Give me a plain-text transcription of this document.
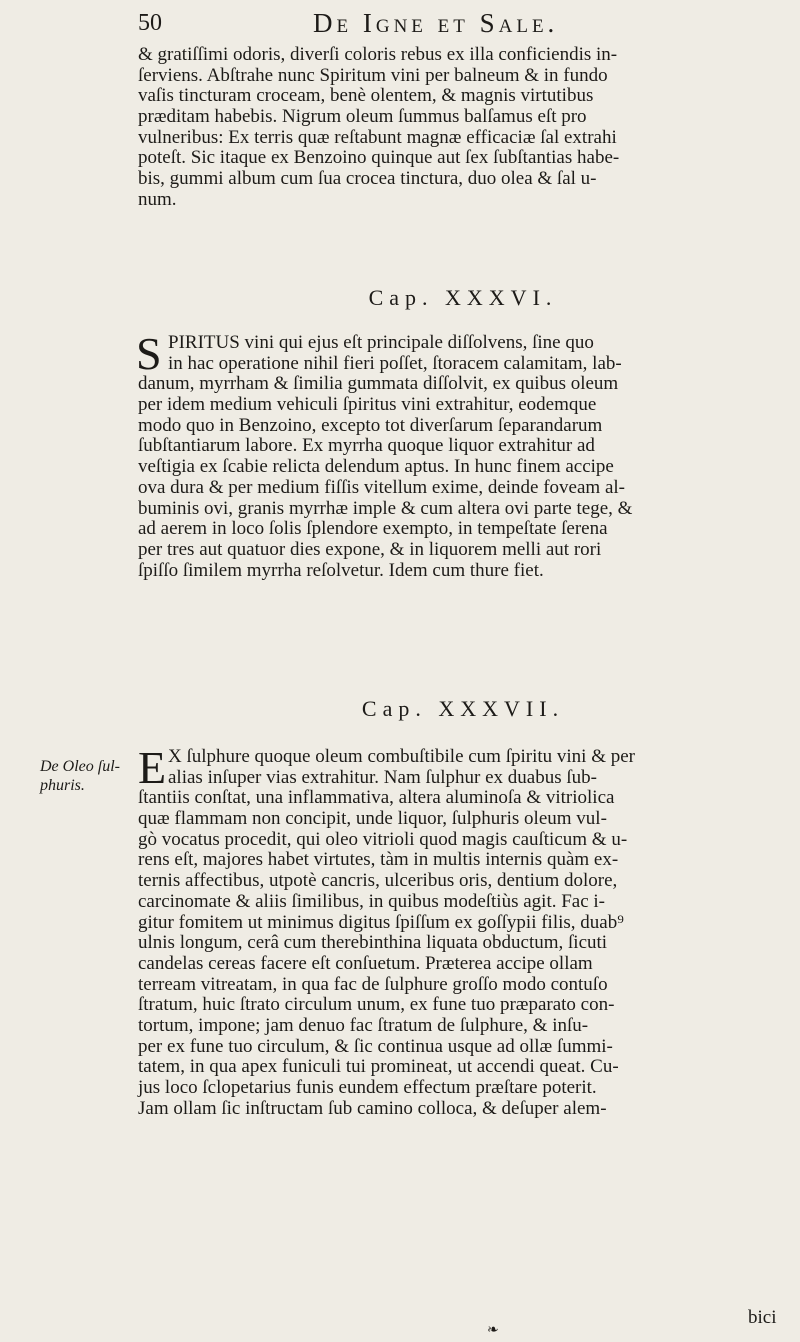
50	De Igne et Sale.
& gratiſſimi odoris, diverſi coloris rebus ex illa conficiendis in-
ſerviens. Abſtrahe nunc Spiritum vini per balneum & in fundo
vaſis tincturam croceam, benè olentem, & magnis virtutibus
præditam habebis. Nigrum oleum ſummus balſamus eſt pro
vulneribus: Ex terris quæ reſtabunt magnæ efficaciæ ſal extrahi
poteſt. Sic itaque ex Benzoino quinque aut ſex ſubſtantias habe-
bis, gummi album cum ſua crocea tinctura, duo olea & ſal u-
num.
Cap. XXXVI.
S PIRITUS vini qui ejus eſt principale diſſolvens, ſine quo
in hac operatione nihil fieri poſſet, ſtoracem calamitam, lab-
danum, myrrham & ſimilia gummata diſſolvit, ex quibus oleum
per idem medium vehiculi ſpiritus vini extrahitur, eodemque
modo quo in Benzoino, excepto tot diverſarum ſeparandarum
ſubſtantiarum labore. Ex myrrha quoque liquor extrahitur ad
veſtigia ex ſcabie relicta delendum aptus. In hunc finem accipe
ova dura & per medium fiſſis vitellum exime, deinde foveam al-
buminis ovi, granis myrrhæ imple & cum altera ovi parte tege, &
ad aerem in loco ſolis ſplendore exempto, in tempeſtate ſerena
per tres aut quatuor dies expone, & in liquorem melli aut rori
ſpiſſo ſimilem myrrha reſolvetur. Idem cum thure fiet.
Cap. XXXVII.
De Oleo ſul-
phuris.	E X ſulphure quoque oleum combuſtibile cum ſpiritu vini & per
alias inſuper vias extrahitur. Nam ſulphur ex duabus ſub-
ſtantiis conſtat, una inflammativa, altera aluminoſa & vitriolica
quæ flammam non concipit, unde liquor, ſulphuris oleum vul-
gò vocatus procedit, qui oleo vitrioli quod magis cauſticum & u-
rens eſt, majores habet virtutes, tàm in multis internis quàm ex-
ternis affectibus, utpotè cancris, ulceribus oris, dentium dolore,
carcinomate & aliis ſimilibus, in quibus modeſtiùs agit. Fac i-
gitur fomitem ut minimus digitus ſpiſſum ex goſſypii filis, duab⁹
ulnis longum, cerâ cum therebinthina liquata obductum, ſicuti
candelas cereas facere eſt conſuetum. Præterea accipe ollam
terream vitreatam, in qua fac de ſulphure groſſo modo contuſo
ſtratum, huic ſtrato circulum unum, ex fune tuo præparato con-
tortum, impone; jam denuo fac ſtratum de ſulphure, & inſu-
per ex fune tuo circulum, & ſic continua usque ad ollæ ſummi-
tatem, in qua apex funiculi tui promineat, ut accendi queat. Cu-
jus loco ſclopetarius funis eundem effectum præſtare poterit.
Jam ollam ſic inſtructam ſub camino colloca, & deſuper alem-
bici
❧
